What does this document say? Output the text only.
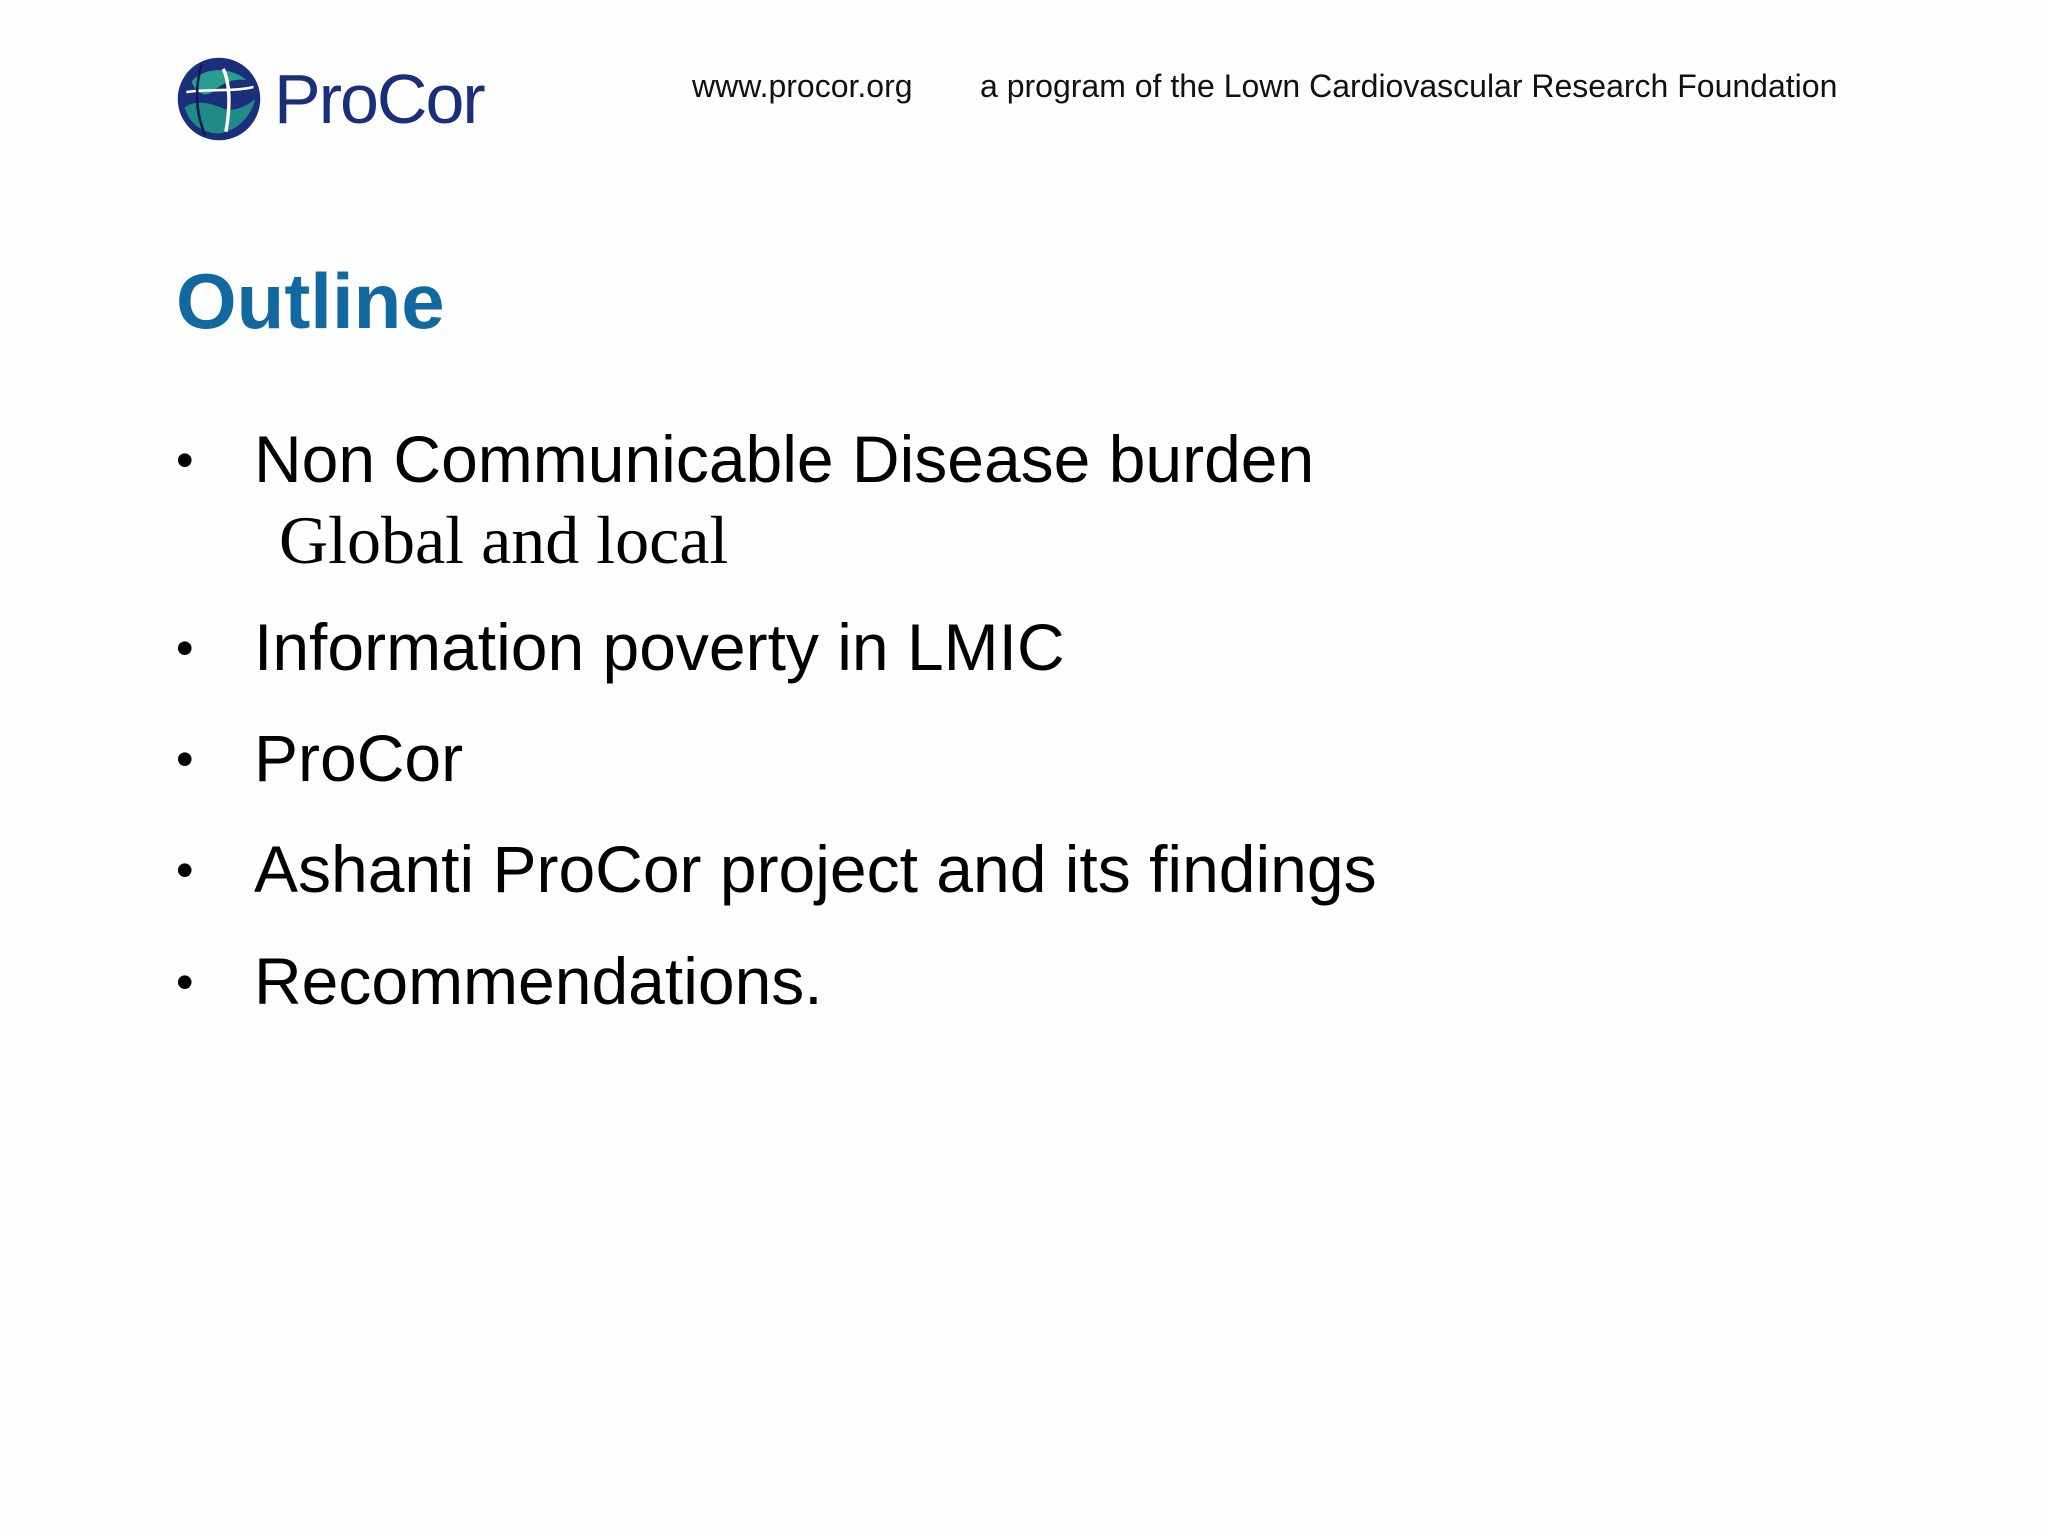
ProCor	www.procor.org a program of the Lown Cardiovascular Research Foundation
Outline
• Non Communicable Disease burden
Global and local
• Information poverty in LMIC
• ProCor
• Ashanti ProCor project and its findings
• Recommendations.
